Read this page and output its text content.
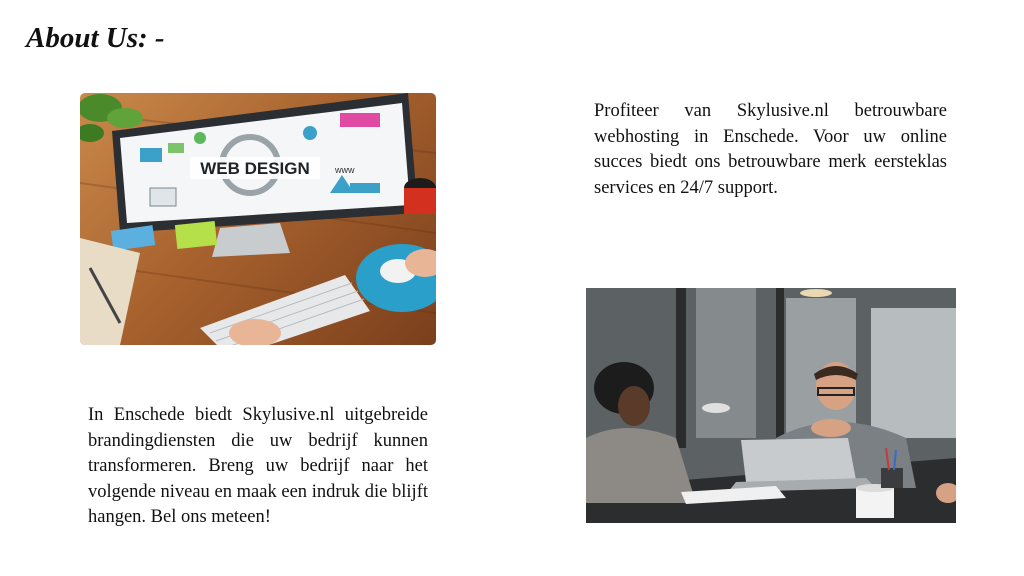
About Us: -
WEB DESIGN	www

Profiteer van Skylusive.nl betrouwbare webhosting in Enschede. Voor uw online succes biedt ons betrouwbare merk eersteklas services en 24/7 support.

In Enschede biedt Skylusive.nl uitgebreide brandingdiensten die uw bedrijf kunnen transformeren. Breng uw bedrijf naar het volgende niveau en maak een indruk die blijft hangen. Bel ons meteen!
